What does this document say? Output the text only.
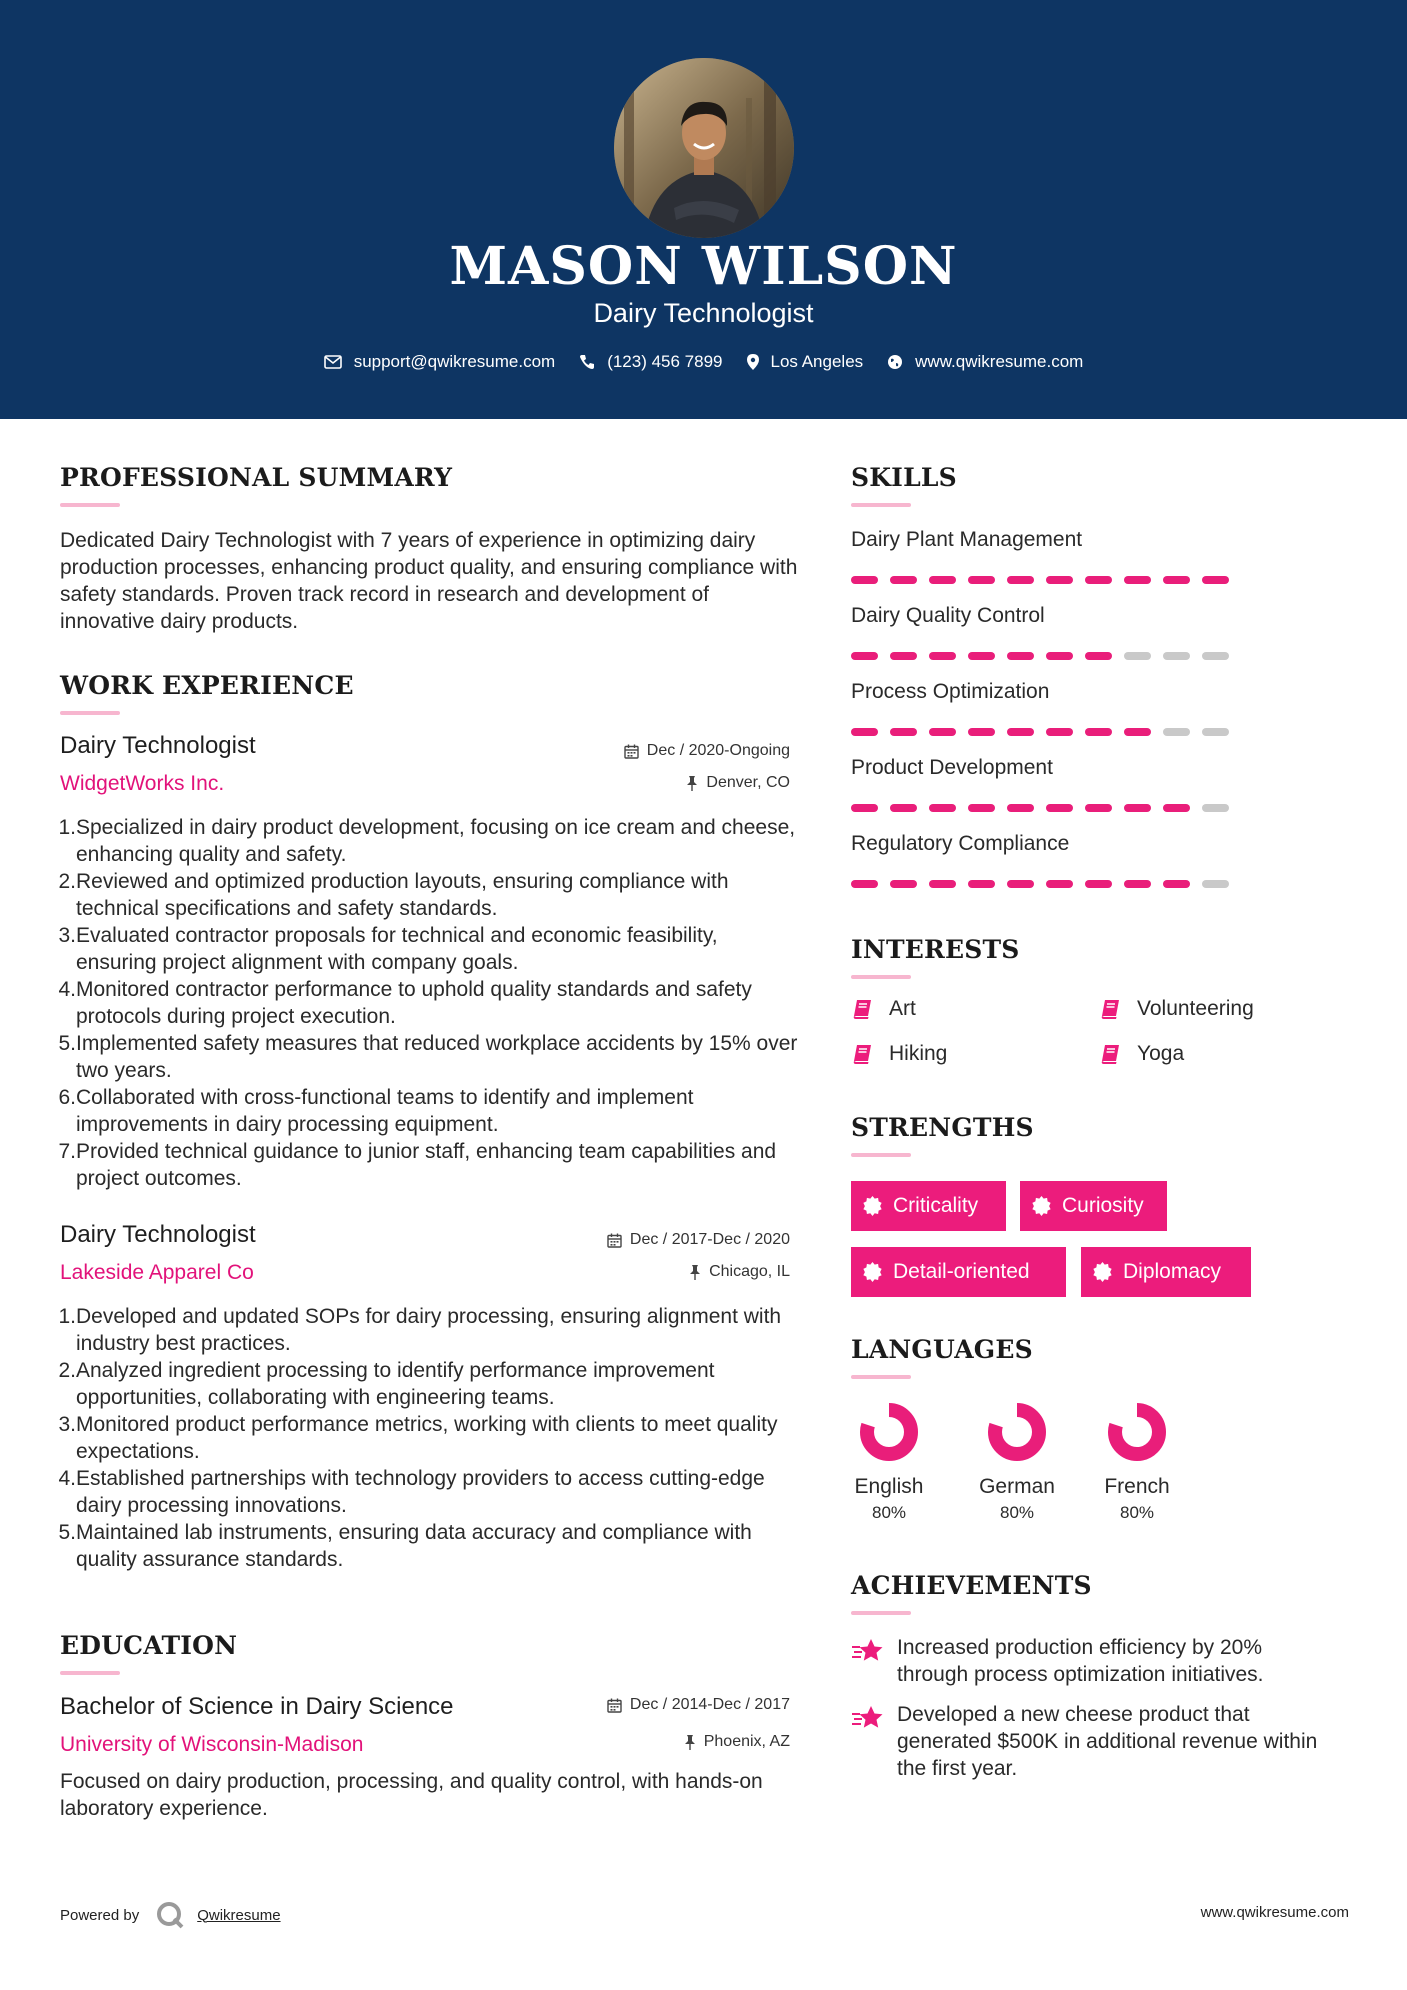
MASON WILSON
Dairy Technologist
support@qwikresume.com	(123) 456 7899	Los Angeles	www.qwikresume.com
PROFESSIONAL SUMMARY
Dedicated Dairy Technologist with 7 years of experience in optimizing dairy production processes, enhancing product quality, and ensuring compliance with safety standards. Proven track record in research and development of innovative dairy products.
WORK EXPERIENCE
Dairy Technologist
WidgetWorks Inc.
Dec / 2020-Ongoing
Denver, CO
1. Specialized in dairy product development, focusing on ice cream and cheese, enhancing quality and safety.
2. Reviewed and optimized production layouts, ensuring compliance with technical specifications and safety standards.
3. Evaluated contractor proposals for technical and economic feasibility, ensuring project alignment with company goals.
4. Monitored contractor performance to uphold quality standards and safety protocols during project execution.
5. Implemented safety measures that reduced workplace accidents by 15% over two years.
6. Collaborated with cross-functional teams to identify and implement improvements in dairy processing equipment.
7. Provided technical guidance to junior staff, enhancing team capabilities and project outcomes.
Dairy Technologist
Lakeside Apparel Co
Dec / 2017-Dec / 2020
Chicago, IL
1. Developed and updated SOPs for dairy processing, ensuring alignment with industry best practices.
2. Analyzed ingredient processing to identify performance improvement opportunities, collaborating with engineering teams.
3. Monitored product performance metrics, working with clients to meet quality expectations.
4. Established partnerships with technology providers to access cutting-edge dairy processing innovations.
5. Maintained lab instruments, ensuring data accuracy and compliance with quality assurance standards.
EDUCATION
Bachelor of Science in Dairy Science
University of Wisconsin-Madison
Dec / 2014-Dec / 2017
Phoenix, AZ
Focused on dairy production, processing, and quality control, with hands-on laboratory experience.
SKILLS
Dairy Plant Management
Dairy Quality Control
Process Optimization
Product Development
Regulatory Compliance
INTERESTS
Art	Volunteering
Hiking	Yoga
STRENGTHS
Criticality	Curiosity
Detail-oriented	Diplomacy
LANGUAGES
English
80%
German
80%
French
80%
ACHIEVEMENTS
Increased production efficiency by 20% through process optimization initiatives.
Developed a new cheese product that generated $500K in additional revenue within the first year.
Powered by	Qwikresume	www.qwikresume.com
